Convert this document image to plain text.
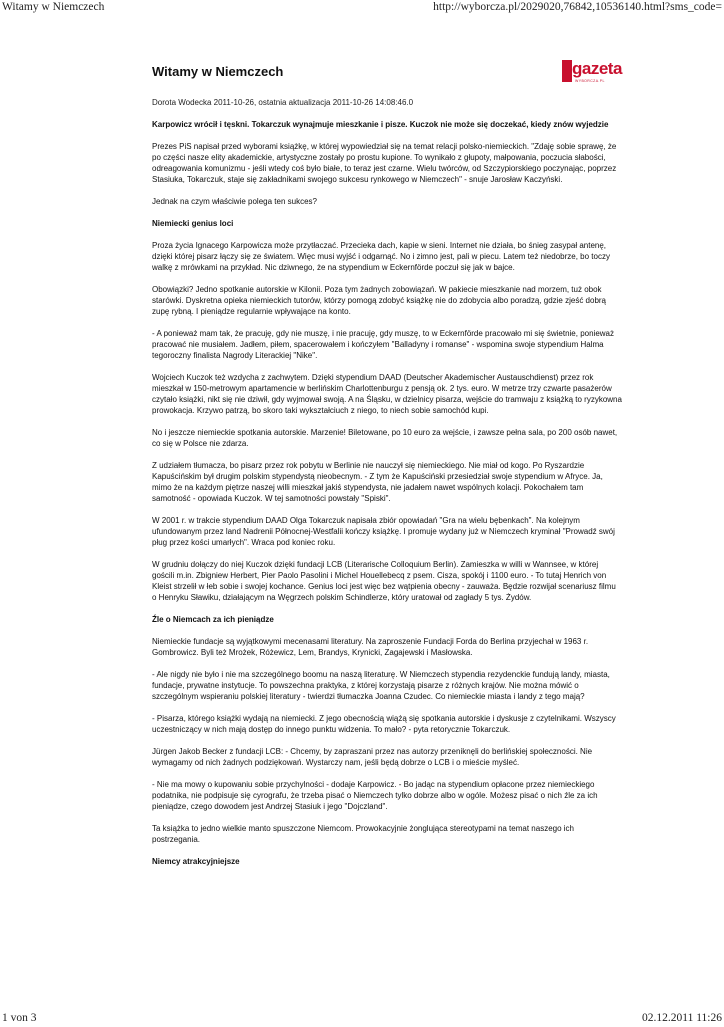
Witamy w Niemczech	http://wyborcza.pl/2029020,76842,10536140.html?sms_code=
Witamy w Niemczech	gazeta
WYBORCZA.PL
Dorota Wodecka 2011-10-26, ostatnia aktualizacja 2011-10-26 14:08:46.0
Karpowicz wrócił i tęskni. Tokarczuk wynajmuje mieszkanie i pisze. Kuczok nie może się doczekać, kiedy znów wyjedzie
Prezes PiS napisał przed wyborami książkę, w której wypowiedział się na temat relacji polsko-niemieckich. "Zdaję sobie sprawę, że po części nasze elity akademickie, artystyczne zostały po prostu kupione. To wynikało z głupoty, małpowania, poczucia słabości, odreagowania komunizmu - jeśli wtedy coś było białe, to teraz jest czarne. Wielu twórców, od Szczypiorskiego poczynając, poprzez Stasiuka, Tokarczuk, staje się zakładnikami swojego sukcesu rynkowego w Niemczech" - snuje Jarosław Kaczyński.
Jednak na czym właściwie polega ten sukces?
Niemiecki genius loci
Proza życia Ignacego Karpowicza może przytłaczać. Przecieka dach, kapie w sieni. Internet nie działa, bo śnieg zasypał antenę, dzięki której pisarz łączy się ze światem. Więc musi wyjść i odgarnąć. No i zimno jest, pali w piecu. Latem też niedobrze, bo toczy walkę z mrówkami na przykład. Nic dziwnego, że na stypendium w Eckernförde poczuł się jak w bajce.
Obowiązki? Jedno spotkanie autorskie w Kilonii. Poza tym żadnych zobowiązań. W pakiecie mieszkanie nad morzem, tuż obok starówki. Dyskretna opieka niemieckich tutorów, którzy pomogą zdobyć książkę nie do zdobycia albo poradzą, gdzie zjeść dobrą zupę rybną. I pieniądze regularnie wpływające na konto.
- A ponieważ mam tak, że pracuję, gdy nie muszę, i nie pracuję, gdy muszę, to w Eckernförde pracowało mi się świetnie, ponieważ pracować nie musiałem. Jadłem, piłem, spacerowałem i kończyłem "Balladyny i romanse" - wspomina swoje stypendium Halma tegoroczny finalista Nagrody Literackiej "Nike".
Wojciech Kuczok też wzdycha z zachwytem. Dzięki stypendium DAAD (Deutscher Akademischer Austauschdienst) przez rok mieszkał w 150-metrowym apartamencie w berlińskim Charlottenburgu z pensją ok. 2 tys. euro. W metrze trzy czwarte pasażerów czytało książki, nikt się nie dziwił, gdy wyjmował swoją. A na Śląsku, w dzielnicy pisarza, wejście do tramwaju z książką to ryzykowna prowokacja. Krzywo patrzą, bo skoro taki wykształciuch z niego, to niech sobie samochód kupi.
No i jeszcze niemieckie spotkania autorskie. Marzenie! Biletowane, po 10 euro za wejście, i zawsze pełna sala, po 200 osób nawet, co się w Polsce nie zdarza.
Z udziałem tłumacza, bo pisarz przez rok pobytu w Berlinie nie nauczył się niemieckiego. Nie miał od kogo. Po Ryszardzie Kapuścińskim był drugim polskim stypendystą nieobecnym. - Z tym że Kapuściński przesiedział swoje stypendium w Afryce. Ja, mimo że na każdym piętrze naszej willi mieszkał jakiś stypendysta, nie jadałem nawet wspólnych kolacji. Pokochałem tam samotność - opowiada Kuczok. W tej samotności powstały "Spiski".
W 2001 r. w trakcie stypendium DAAD Olga Tokarczuk napisała zbiór opowiadań "Gra na wielu bębenkach". Na kolejnym ufundowanym przez land Nadrenii Północnej-Westfalii kończy książkę. I promuje wydany już w Niemczech kryminał "Prowadź swój pług przez kości umarłych". Wraca pod koniec roku.
W grudniu dołączy do niej Kuczok dzięki fundacji LCB (Literarische Colloquium Berlin). Zamieszka w willi w Wannsee, w której gościli m.in. Zbigniew Herbert, Pier Paolo Pasolini i Michel Houellebecq z psem. Cisza, spokój i 1100 euro. - To tutaj Henrich von Kleist strzelił w łeb sobie i swojej kochance. Genius loci jest więc bez wątpienia obecny - zauważa. Będzie rozwijał scenariusz filmu o Henryku Sławiku, działającym na Węgrzech polskim Schindlerze, który uratował od zagłady 5 tys. Żydów.
Źle o Niemcach za ich pieniądze
Niemieckie fundacje są wyjątkowymi mecenasami literatury. Na zaproszenie Fundacji Forda do Berlina przyjechał w 1963 r. Gombrowicz. Byli też Mrożek, Różewicz, Lem, Brandys, Krynicki, Zagajewski i Masłowska.
- Ale nigdy nie było i nie ma szczególnego boomu na naszą literaturę. W Niemczech stypendia rezydenckie fundują landy, miasta, fundacje, prywatne instytucje. To powszechna praktyka, z której korzystają pisarze z różnych krajów. Nie można mówić o szczególnym wspieraniu polskiej literatury - twierdzi tłumaczka Joanna Czudec. Co niemieckie miasta i landy z tego mają?
- Pisarza, którego książki wydają na niemiecki. Z jego obecnością wiążą się spotkania autorskie i dyskusje z czytelnikami. Wszyscy uczestniczący w nich mają dostęp do innego punktu widzenia. To mało? - pyta retorycznie Tokarczuk.
Jürgen Jakob Becker z fundacji LCB: - Chcemy, by zapraszani przez nas autorzy przeniknęli do berlińskiej społeczności. Nie wymagamy od nich żadnych podziękowań. Wystarczy nam, jeśli będą dobrze o LCB i o mieście myśleć.
- Nie ma mowy o kupowaniu sobie przychylności - dodaje Karpowicz. - Bo jadąc na stypendium opłacone przez niemieckiego podatnika, nie podpisuje się cyrografu, że trzeba pisać o Niemczech tylko dobrze albo w ogóle. Możesz pisać o nich źle za ich pieniądze, czego dowodem jest Andrzej Stasiuk i jego "Dojczland".
Ta książka to jedno wielkie manto spuszczone Niemcom. Prowokacyjnie żonglująca stereotypami na temat naszego ich postrzegania.
Niemcy atrakcyjniejsze
1 von 3	02.12.2011 11:26
